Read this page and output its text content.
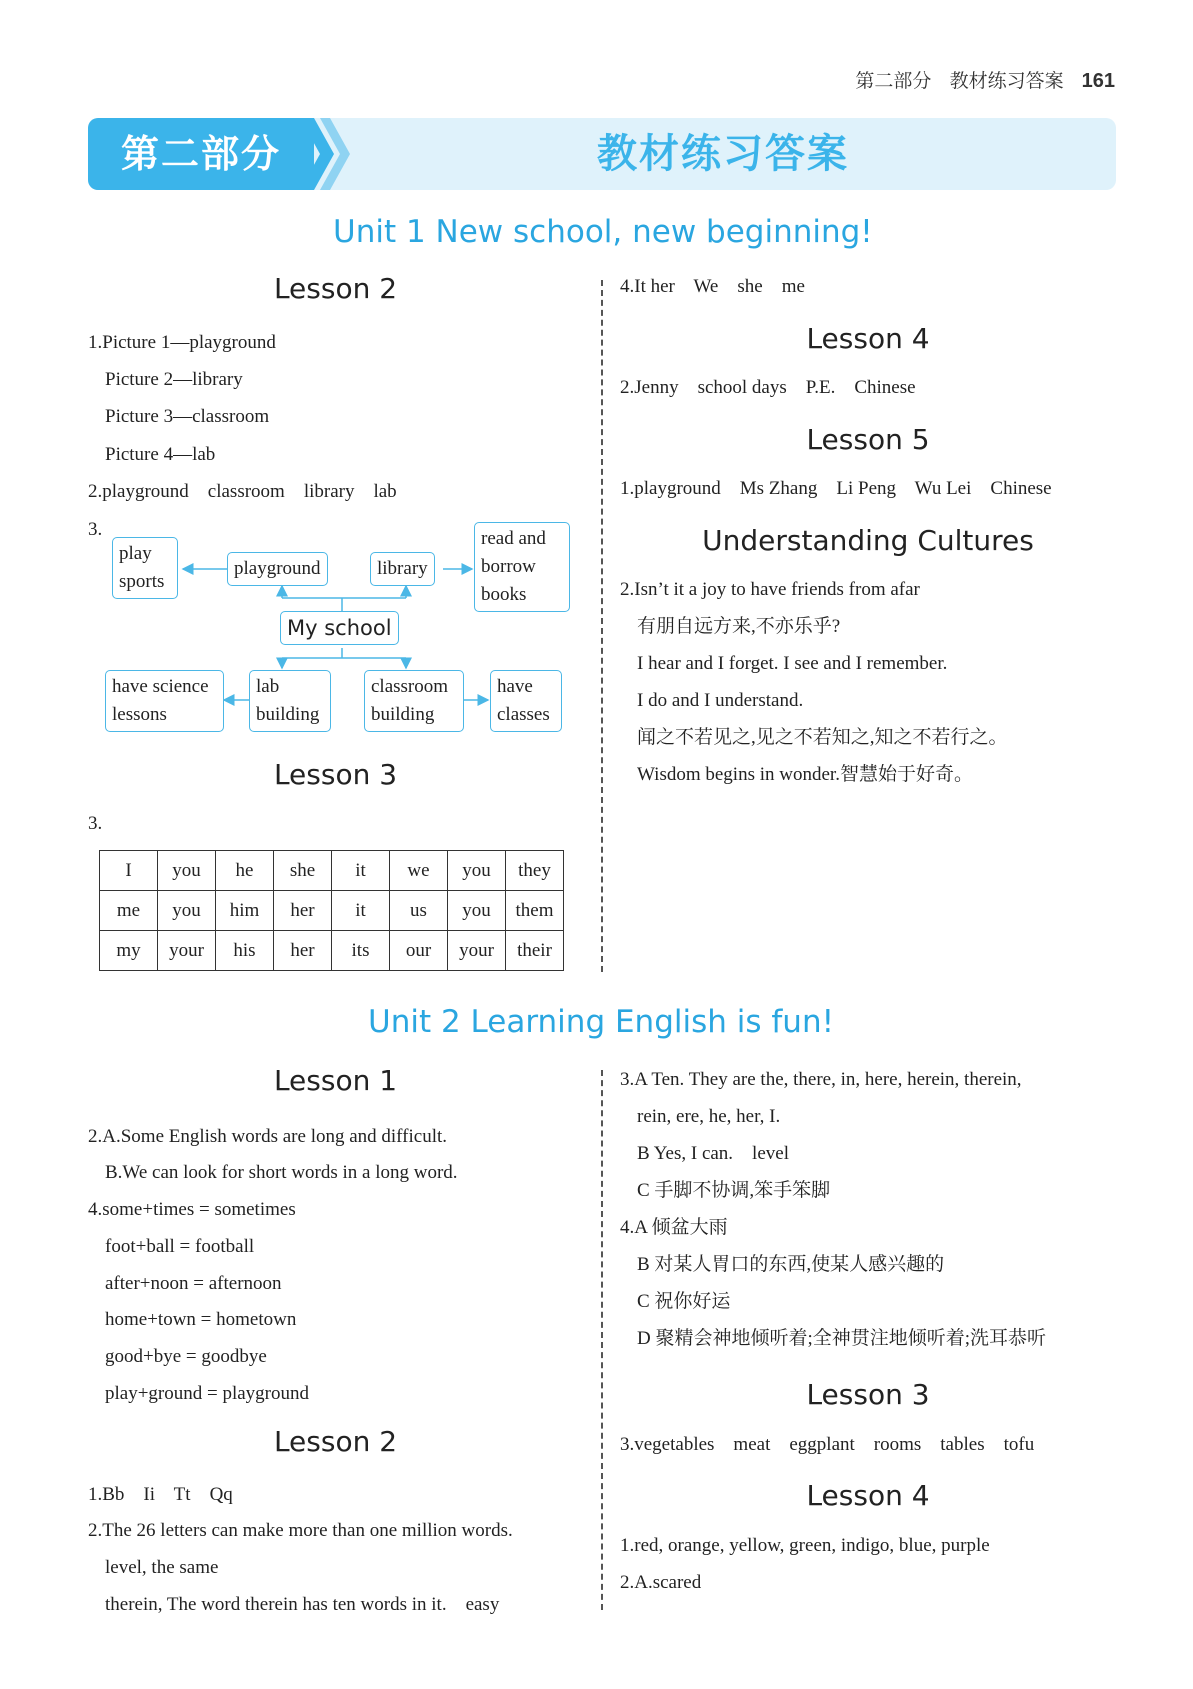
第二部分 教材练习答案 161
第二部分	教材练习答案
Unit 1 New school, new beginning!
Lesson 2
1.Picture 1—playground
Picture 2—library
Picture 3—classroom
Picture 4—lab
2.playground    classroom    library    lab
3.
play
sports
playground	library
read and
borrow
books
My school
have science
lessons
lab
building
classroom
building
have
classes
Lesson 3
3.
I	you	he	she	it	we	you	they
me	you	him	her	it	us	you	them
my	your	his	her	its	our	your	their
4.It her    We    she    me
Lesson 4
2.Jenny    school days    P.E.    Chinese
Lesson 5
1.playground    Ms Zhang    Li Peng    Wu Lei    Chinese
Understanding Cultures
2.Isn’t it a joy to have friends from afar
有朋自远方来,不亦乐乎?
I hear and I forget. I see and I remember.
I do and I understand.
闻之不若见之,见之不若知之,知之不若行之。
Wisdom begins in wonder.智慧始于好奇。
Unit 2 Learning English is fun!
Lesson 1
2.A.Some English words are long and difficult.
B.We can look for short words in a long word.
4.some+times = sometimes
foot+ball = football
after+noon = afternoon
home+town = hometown
good+bye = goodbye
play+ground = playground
Lesson 2
1.Bb    Ii    Tt    Qq
2.The 26 letters can make more than one million words.
level, the same
therein, The word therein has ten words in it.    easy
3.A Ten. They are the, there, in, here, herein, therein,
rein, ere, he, her, I.
B Yes, I can.    level
C 手脚不协调,笨手笨脚
4.A 倾盆大雨
B 对某人胃口的东西,使某人感兴趣的
C 祝你好运
D 聚精会神地倾听着;全神贯注地倾听着;洗耳恭听
Lesson 3
3.vegetables    meat    eggplant    rooms    tables    tofu
Lesson 4
1.red, orange, yellow, green, indigo, blue, purple
2.A.scared
